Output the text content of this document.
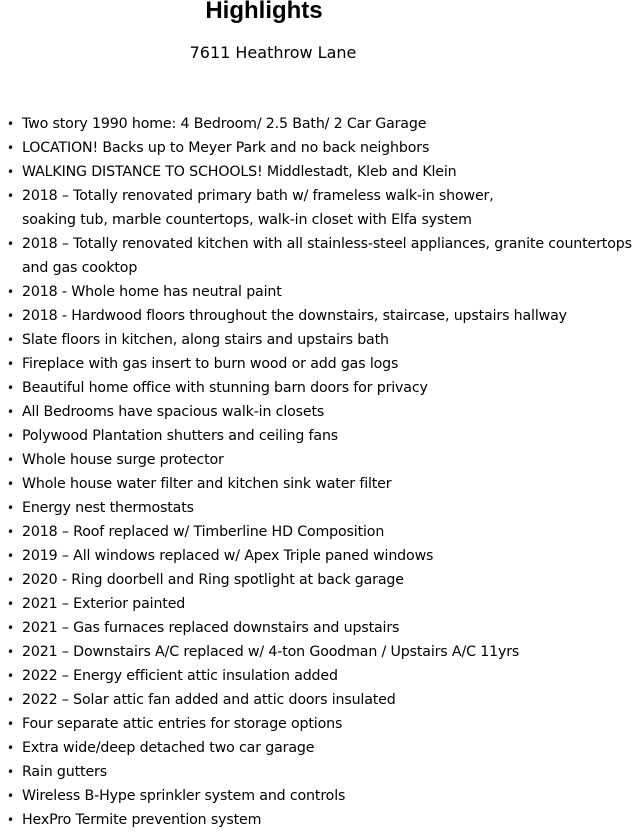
Highlights
7611 Heathrow Lane
• Two story 1990 home: 4 Bedroom/ 2.5 Bath/ 2 Car Garage
• LOCATION! Backs up to Meyer Park and no back neighbors
• WALKING DISTANCE TO SCHOOLS! Middlestadt, Kleb and Klein
• 2018 – Totally renovated primary bath w/ frameless walk-in shower,
soaking tub, marble countertops, walk-in closet with Elfa system
• 2018 – Totally renovated kitchen with all stainless-steel appliances, granite countertops
and gas cooktop
• 2018 - Whole home has neutral paint
• 2018 - Hardwood floors throughout the downstairs, staircase, upstairs hallway
• Slate floors in kitchen, along stairs and upstairs bath
• Fireplace with gas insert to burn wood or add gas logs
• Beautiful home office with stunning barn doors for privacy
• All Bedrooms have spacious walk-in closets
• Polywood Plantation shutters and ceiling fans
• Whole house surge protector
• Whole house water filter and kitchen sink water filter
• Energy nest thermostats
• 2018 – Roof replaced w/ Timberline HD Composition
• 2019 – All windows replaced w/ Apex Triple paned windows
• 2020 - Ring doorbell and Ring spotlight at back garage
• 2021 – Exterior painted
• 2021 – Gas furnaces replaced downstairs and upstairs
• 2021 – Downstairs A/C replaced w/ 4-ton Goodman / Upstairs A/C 11yrs
• 2022 – Energy efficient attic insulation added
• 2022 – Solar attic fan added and attic doors insulated
• Four separate attic entries for storage options
• Extra wide/deep detached two car garage
• Rain gutters
• Wireless B-Hype sprinkler system and controls
• HexPro Termite prevention system
